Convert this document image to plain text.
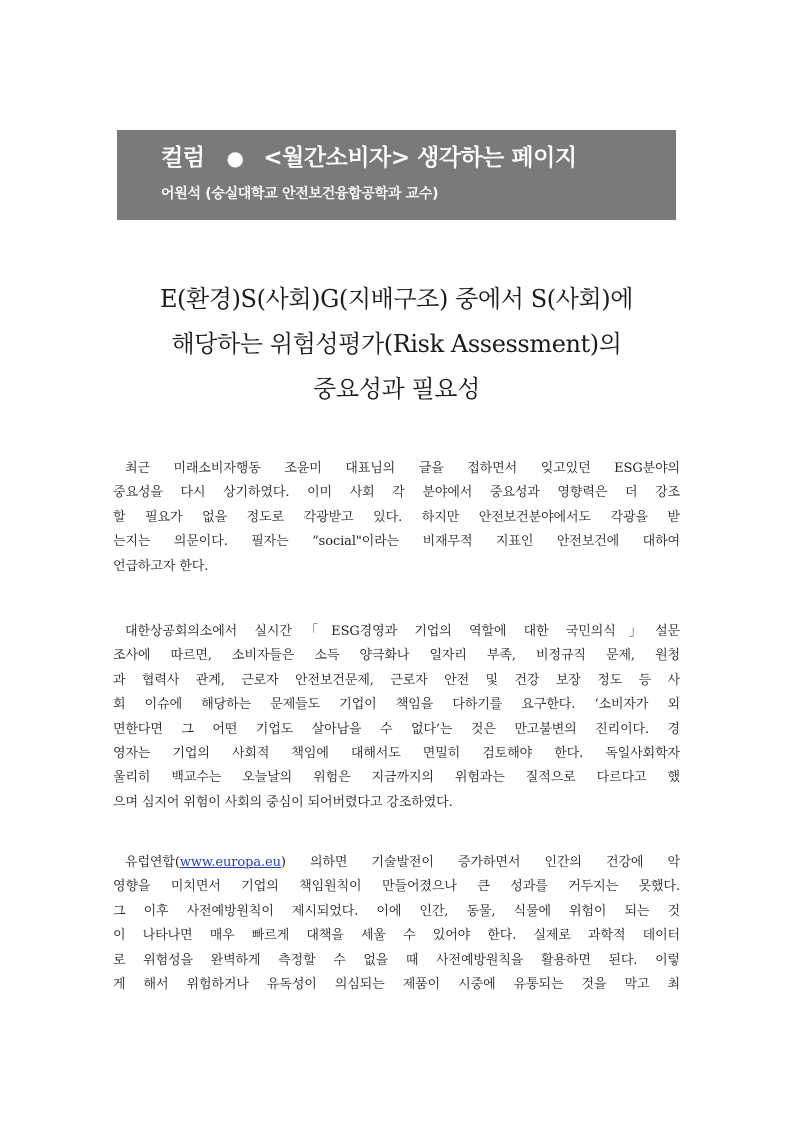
컬럼 ● <월간소비자> 생각하는 페이지
어원석 (숭실대학교 안전보건융합공학과 교수)
E(환경)S(사회)G(지배구조) 중에서 S(사회)에
해당하는 위험성평가(Risk Assessment)의
중요성과 필요성
최근 미래소비자행동 조윤미 대표님의 글을 접하면서 잊고있던 ESG분야의
중요성을 다시 상기하였다. 이미 사회 각 분야에서 중요성과 영향력은 더 강조
할 필요가 없을 정도로 각광받고 있다. 하지만 안전보건분야에서도 각광을 받
는지는 의문이다. 필자는 “social"이라는 비재무적 지표인 안전보건에 대하여
언급하고자 한다.
대한상공회의소에서 실시간「ESG경영과 기업의 역할에 대한 국민의식」설문
조사에 따르면, 소비자들은 소득 양극화나 일자리 부족, 비정규직 문제, 원청
과 협력사 관계, 근로자 안전보건문제, 근로자 안전 및 건강 보장 정도 등 사
회 이슈에 해당하는 문제들도 기업이 책임을 다하기를 요구한다. ‘소비자가 외
면한다면 그 어떤 기업도 살아남을 수 없다’는 것은 만고불변의 진리이다. 경
영자는 기업의 사회적 책임에 대해서도 면밀히 검토해야 한다. 독일사회학자
울리히 백교수는 오늘날의 위험은 지금까지의 위험과는 질적으로 다르다고 했
으며 심지어 위험이 사회의 중심이 되어버렸다고 강조하였다.
유럽연합(www.europa.eu) 의하면 기술발전이 증가하면서 인간의 건강에 악
영향을 미치면서 기업의 책임원칙이 만들어졌으나 큰 성과를 거두지는 못했다.
그 이후 사전예방원칙이 제시되었다. 이에 인간, 동물, 식물에 위험이 되는 것
이 나타나면 매우 빠르게 대책을 세울 수 있어야 한다. 실제로 과학적 데이터
로 위험성을 완벽하게 측정할 수 없을 때 사전예방원칙을 활용하면 된다. 이렇
게 해서 위험하거나 유독성이 의심되는 제품이 시중에 유통되는 것을 막고 최
